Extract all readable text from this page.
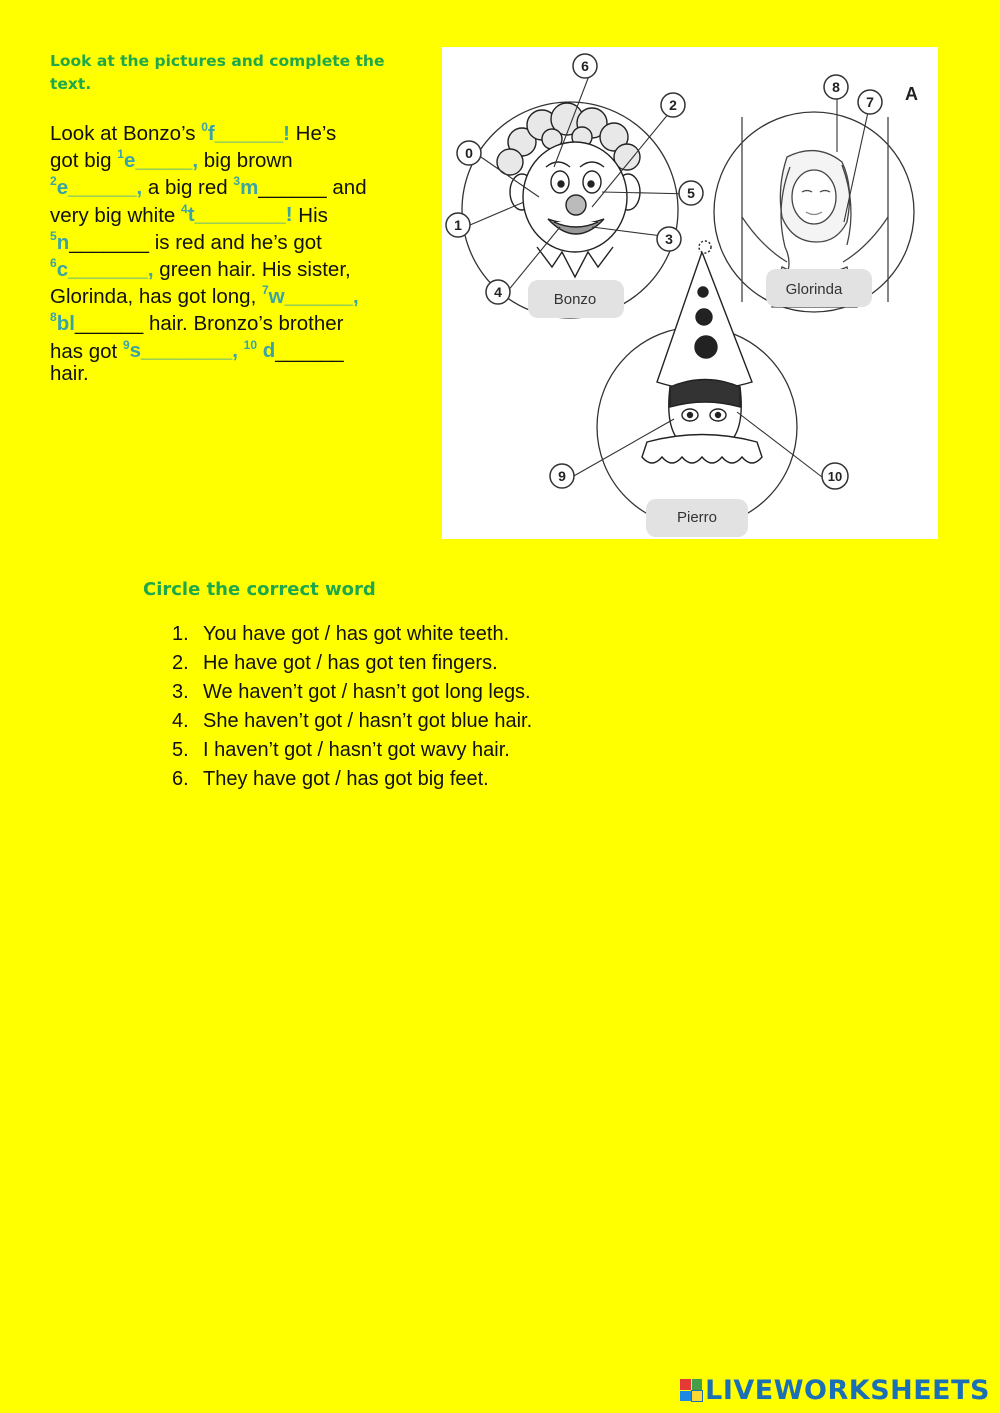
Look at the pictures and complete the text.
Look at Bonzo’s $^0$f______! He’s
got big $^1$e_____, big brown
$^2$e______, a big red $^3$m______ and
very big white $^4$t________! His
$^5$n_______ is red and he’s got
$^6$c_______, green hair. His sister,
Glorinda, has got long, $^7$w______,
$^8$bl______ hair. Bronzo’s brother
has got $^9$s________, $^{10}$ d______
hair.
6
2
0
5
1
3
4
8
7
9	10
A
Bonzo
Glorinda
Pierro
Circle the correct word
1. You have got / has got white teeth.
2. He have got / has got ten fingers.
3. We haven’t got / hasn’t got long legs.
4. She haven’t got / hasn’t got blue hair.
5. I haven’t got / hasn’t got wavy hair.
6. They have got / has got big feet.
LIVEWORKSHEETS
